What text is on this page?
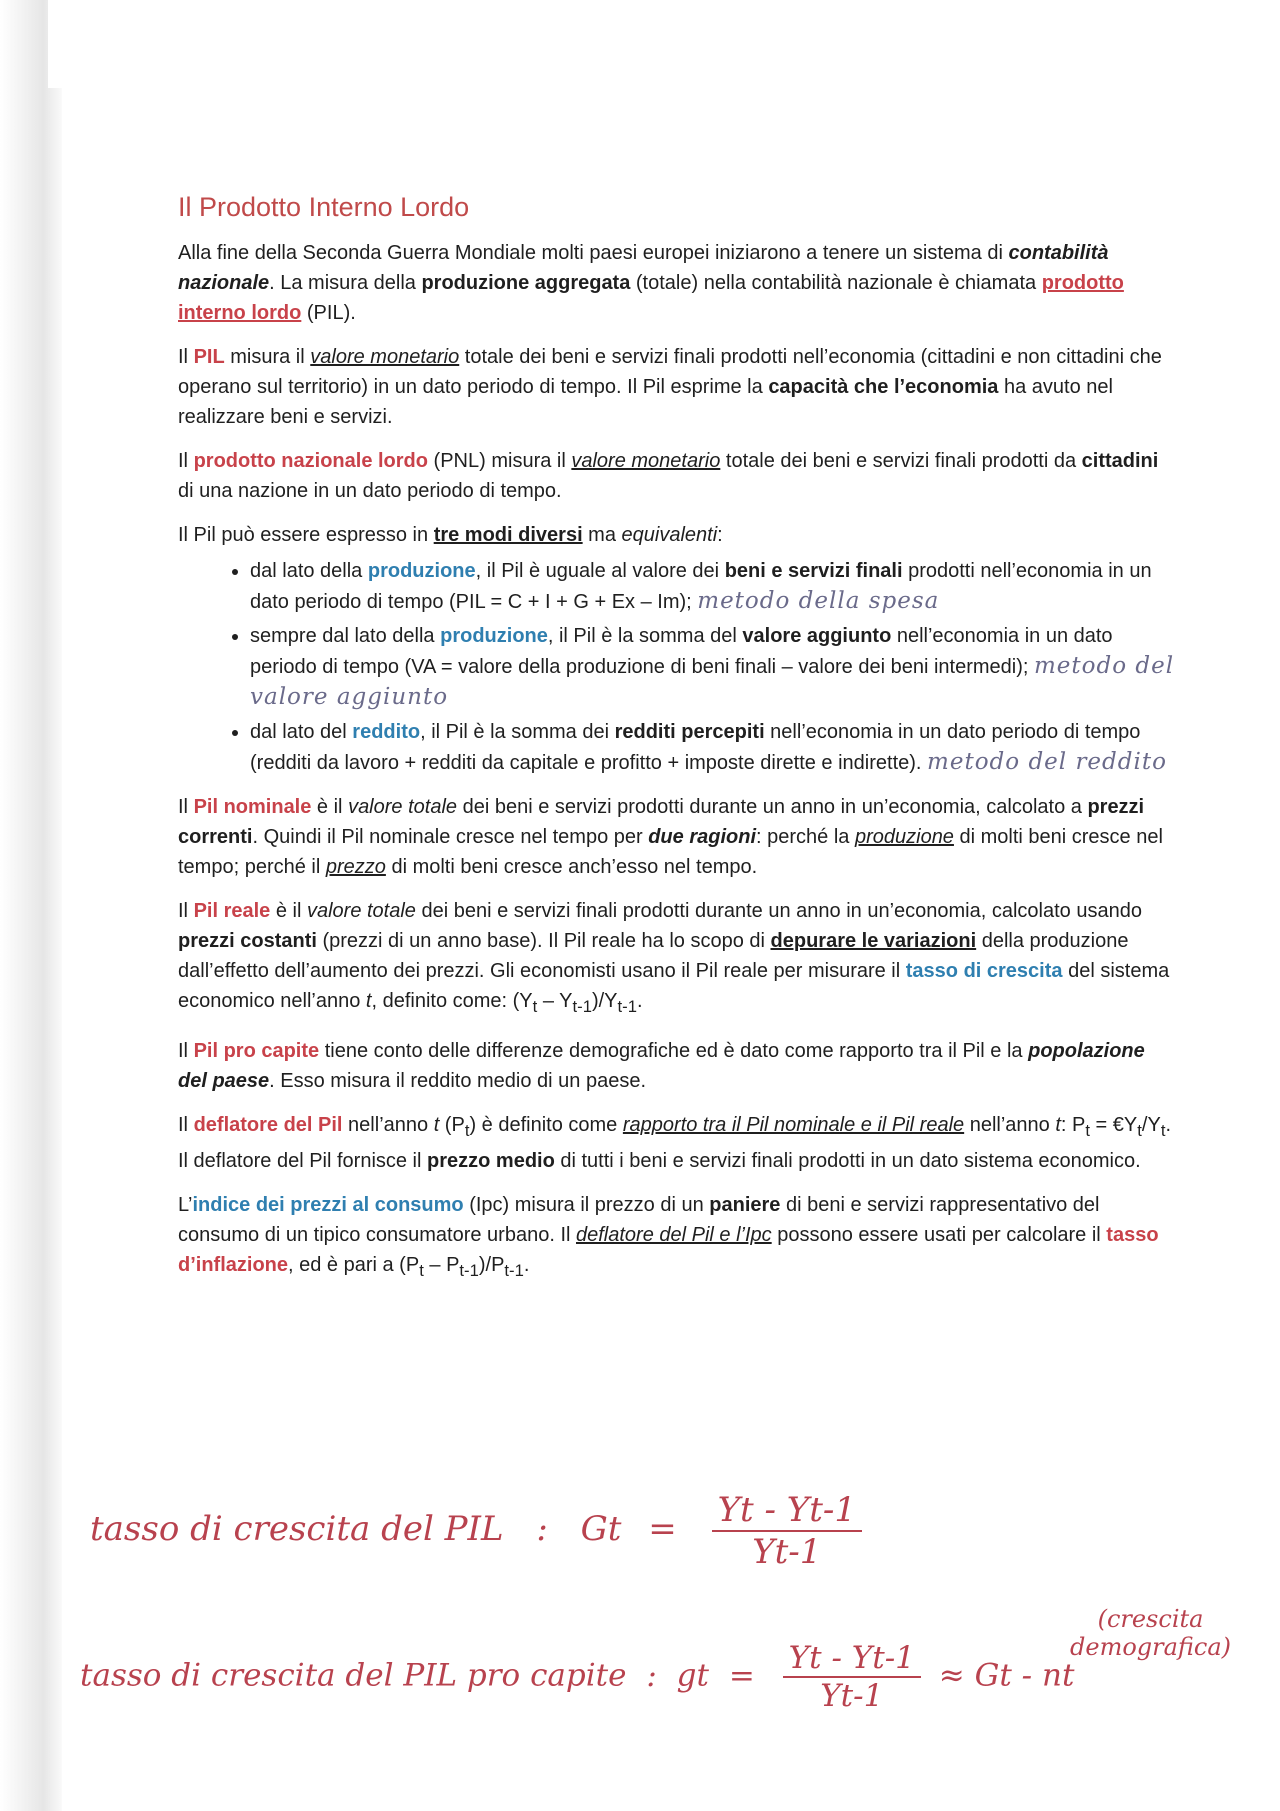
Il Prodotto Interno Lordo

Alla fine della Seconda Guerra Mondiale molti paesi europei iniziarono a tenere un sistema di contabilità nazionale. La misura della produzione aggregata (totale) nella contabilità nazionale è chiamata prodotto interno lordo (PIL).

Il PIL misura il valore monetario totale dei beni e servizi finali prodotti nell’economia (cittadini e non cittadini che operano sul territorio) in un dato periodo di tempo. Il Pil esprime la capacità che l’economia ha avuto nel realizzare beni e servizi.

Il prodotto nazionale lordo (PNL) misura il valore monetario totale dei beni e servizi finali prodotti da cittadini di una nazione in un dato periodo di tempo.

Il Pil può essere espresso in tre modi diversi ma equivalenti:

• dal lato della produzione, il Pil è uguale al valore dei beni e servizi finali prodotti nell’economia in un dato periodo di tempo (PIL = C + I + G + Ex – Im); metodo della spesa
• sempre dal lato della produzione, il Pil è la somma del valore aggiunto nell’economia in un dato periodo di tempo (VA = valore della produzione di beni finali – valore dei beni intermedi); metodo del valore aggiunto
• dal lato del reddito, il Pil è la somma dei redditi percepiti nell’economia in un dato periodo di tempo (redditi da lavoro + redditi da capitale e profitto + imposte dirette e indirette). metodo del reddito

Il Pil nominale è il valore totale dei beni e servizi prodotti durante un anno in un’economia, calcolato a prezzi correnti. Quindi il Pil nominale cresce nel tempo per due ragioni: perché la produzione di molti beni cresce nel tempo; perché il prezzo di molti beni cresce anch’esso nel tempo.

Il Pil reale è il valore totale dei beni e servizi finali prodotti durante un anno in un’economia, calcolato usando prezzi costanti (prezzi di un anno base). Il Pil reale ha lo scopo di depurare le variazioni della produzione dall’effetto dell’aumento dei prezzi. Gli economisti usano il Pil reale per misurare il tasso di crescita del sistema economico nell’anno t, definito come: $(Y_t - Y_{t-1})/Y_{t-1}$.

Il Pil pro capite tiene conto delle differenze demografiche ed è dato come rapporto tra il Pil e la popolazione del paese. Esso misura il reddito medio di un paese.

Il deflatore del Pil nell’anno t $(P_t)$ è definito come rapporto tra il Pil nominale e il Pil reale nell’anno t: $P_t$ = $€Y_t/Y_t$. Il deflatore del Pil fornisce il prezzo medio di tutti i beni e servizi finali prodotti in un dato sistema economico.

L’indice dei prezzi al consumo (Ipc) misura il prezzo di un paniere di beni e servizi rappresentativo del consumo di un tipico consumatore urbano. Il deflatore del Pil e l’Ipc possono essere usati per calcolare il tasso d’inflazione, ed è pari a $(P_t - P_{t-1})/P_{t-1}$.

tasso di crescita del PIL : $Gt = \frac{Yt - Yt-1}{Yt-1}$
tasso di crescita del PIL pro capite : gt = $\frac{Yt - Yt-1}{Yt-1} \approx Gt$ - nt
(crescita
demografica)
